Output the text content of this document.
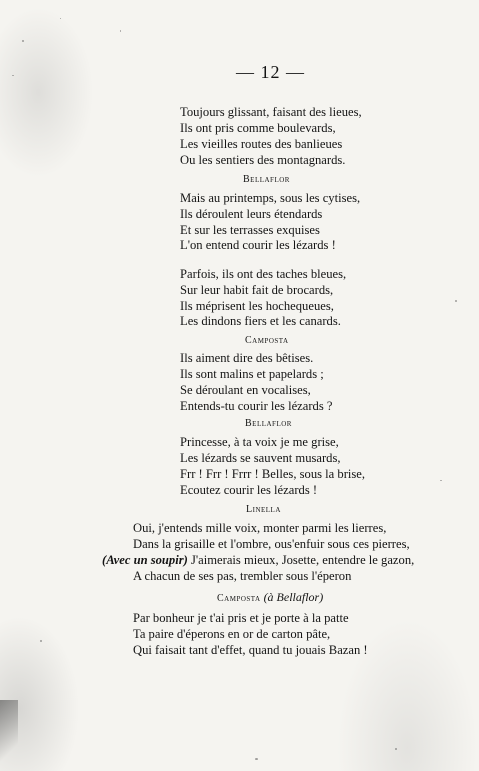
— 12 —
Toujours glissant, faisant des lieues,
Ils ont pris comme boulevards,
Les vieilles routes des banlieues
Ou les sentiers des montagnards.
Bellaflor
Mais au printemps, sous les cytises,
Ils déroulent leurs étendards
Et sur les terrasses exquises
L'on entend courir les lézards !
Parfois, ils ont des taches bleues,
Sur leur habit fait de brocards,
Ils méprisent les hochequeues,
Les dindons fiers et les canards.
Camposta
Ils aiment dire des bêtises.
Ils sont malins et papelards ;
Se déroulant en vocalises,
Entends-tu courir les lézards ?
Bellaflor
Princesse, à ta voix je me grise,
Les lézards se sauvent musards,
Frr ! Frr ! Frrr ! Belles, sous la brise,
Ecoutez courir les lézards !
Linella
Oui, j'entends mille voix, monter parmi les lierres,
Dans la grisaille et l'ombre, ous'enfuir sous ces pierres,
(Avec un soupir) J'aimerais mieux, Josette, entendre le gazon,
A chacun de ses pas, trembler sous l'éperon
Camposta (à Bellaflor)
Par bonheur je t'ai pris et je porte à la patte
Ta paire d'éperons en or de carton pâte,
Qui faisait tant d'effet, quand tu jouais Bazan !
